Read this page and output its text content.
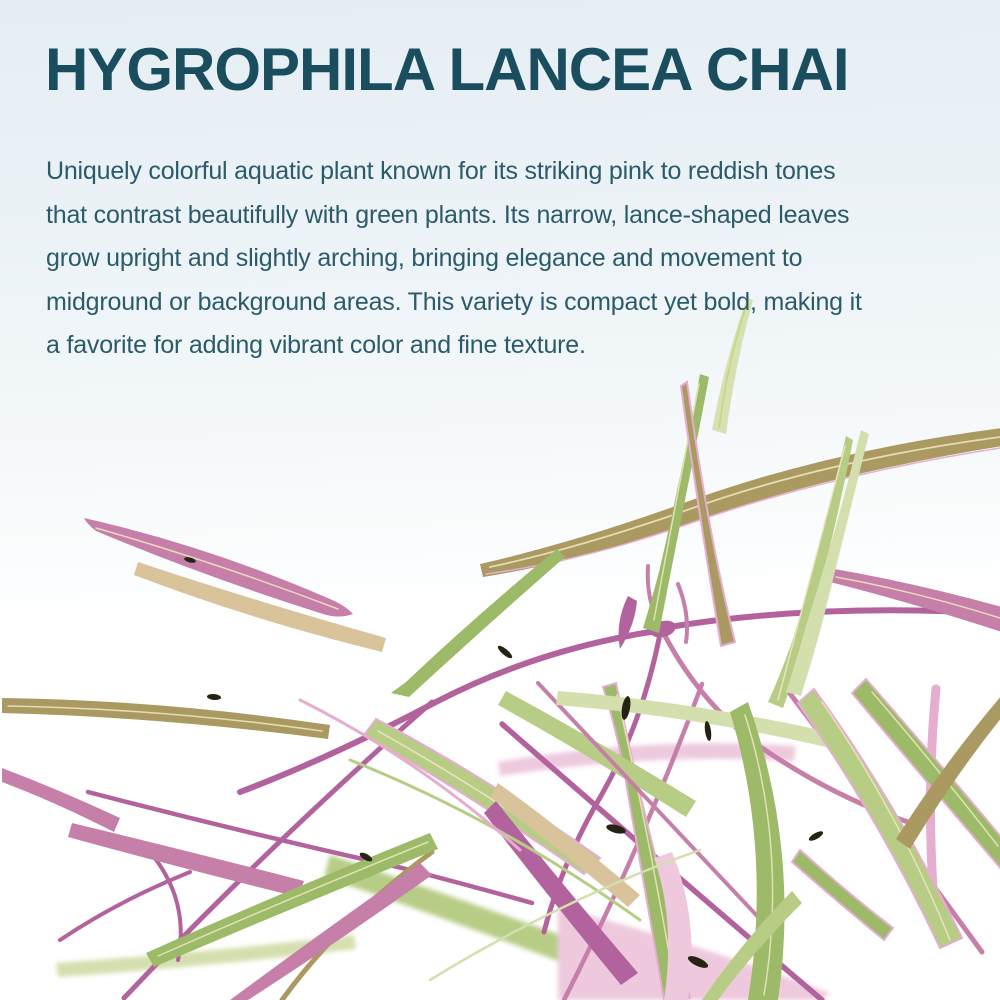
HYGROPHILA LANCEA CHAI
Uniquely colorful aquatic plant known for its striking pink to reddish tones
that contrast beautifully with green plants. Its narrow, lance-shaped leaves
grow upright and slightly arching, bringing elegance and movement to
midground or background areas. This variety is compact yet bold, making it
a favorite for adding vibrant color and fine texture.
